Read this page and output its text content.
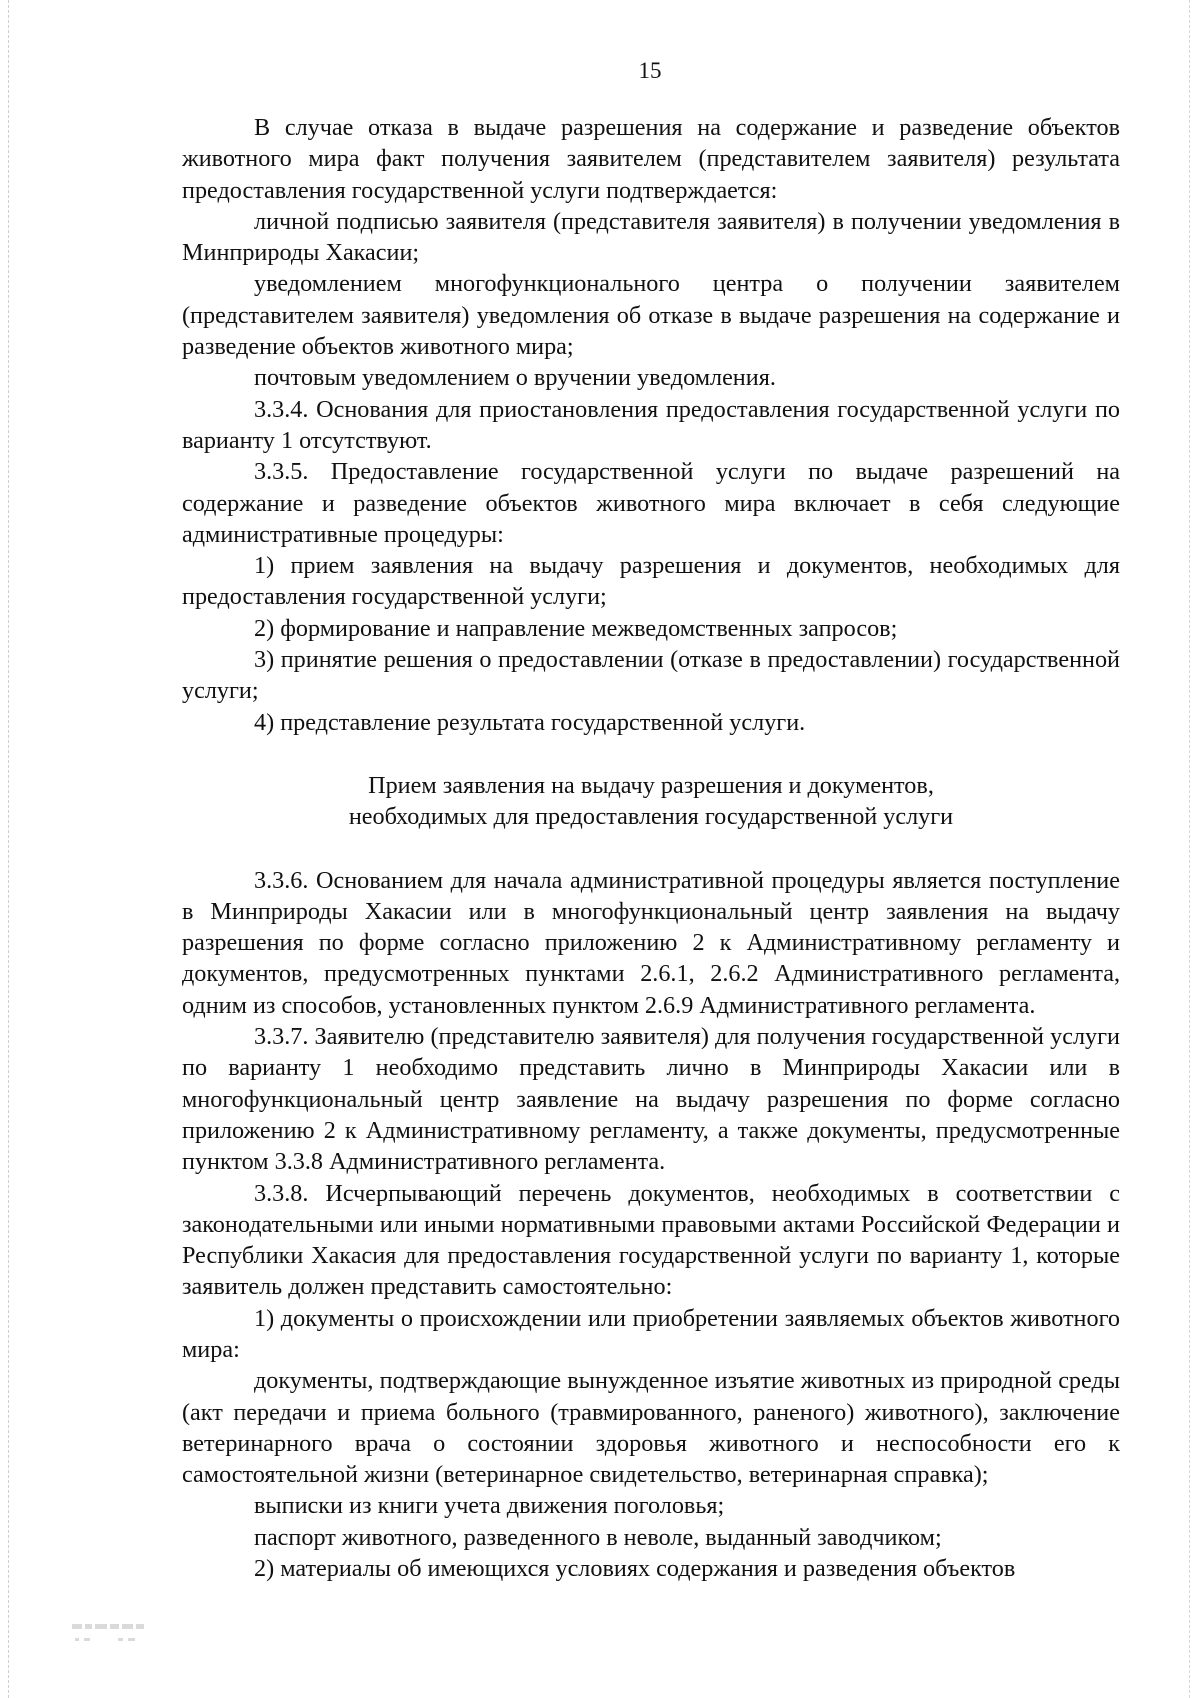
15

В случае отказа в выдаче разрешения на содержание и разведение объектов животного мира факт получения заявителем (представителем заявителя) результата предоставления государственной услуги подтверждается:

личной подписью заявителя (представителя заявителя) в получении уведомления в Минприроды Хакасии;

уведомлением многофункционального центра о получении заявителем (представителем заявителя) уведомления об отказе в выдаче разрешения на содержание и разведение объектов животного мира;

почтовым уведомлением о вручении уведомления.

3.3.4. Основания для приостановления предоставления государственной услуги по варианту 1 отсутствуют.

3.3.5. Предоставление государственной услуги по выдаче разрешений на содержание и разведение объектов животного мира включает в себя следующие административные процедуры:

1) прием заявления на выдачу разрешения и документов, необходимых для предоставления государственной услуги;

2) формирование и направление межведомственных запросов;

3) принятие решения о предоставлении (отказе в предоставлении) государственной услуги;

4) представление результата государственной услуги.

Прием заявления на выдачу разрешения и документов,

необходимых для предоставления государственной услуги

3.3.6. Основанием для начала административной процедуры является поступление в Минприроды Хакасии или в многофункциональный центр заявления на выдачу разрешения по форме согласно приложению 2 к Административному регламенту и документов, предусмотренных пунктами 2.6.1, 2.6.2 Административного регламента, одним из способов, установленных пунктом 2.6.9 Административного регламента.

3.3.7. Заявителю (представителю заявителя) для получения государственной услуги по варианту 1 необходимо представить лично в Минприроды Хакасии или в многофункциональный центр заявление на выдачу разрешения по форме согласно приложению 2 к Административному регламенту, а также документы, предусмотренные пунктом 3.3.8 Административного регламента.

3.3.8. Исчерпывающий перечень документов, необходимых в соответствии с законодательными или иными нормативными правовыми актами Российской Федерации и Республики Хакасия для предоставления государственной услуги по варианту 1, которые заявитель должен представить самостоятельно:

1) документы о происхождении или приобретении заявляемых объектов животного мира:

документы, подтверждающие вынужденное изъятие животных из природной среды (акт передачи и приема больного (травмированного, раненого) животного), заключение ветеринарного врача о состоянии здоровья животного и неспособности его к самостоятельной жизни (ветеринарное свидетельство, ветеринарная справка);

выписки из книги учета движения поголовья;

паспорт животного, разведенного в неволе, выданный заводчиком;

2) материалы об имеющихся условиях содержания и разведения объектов
